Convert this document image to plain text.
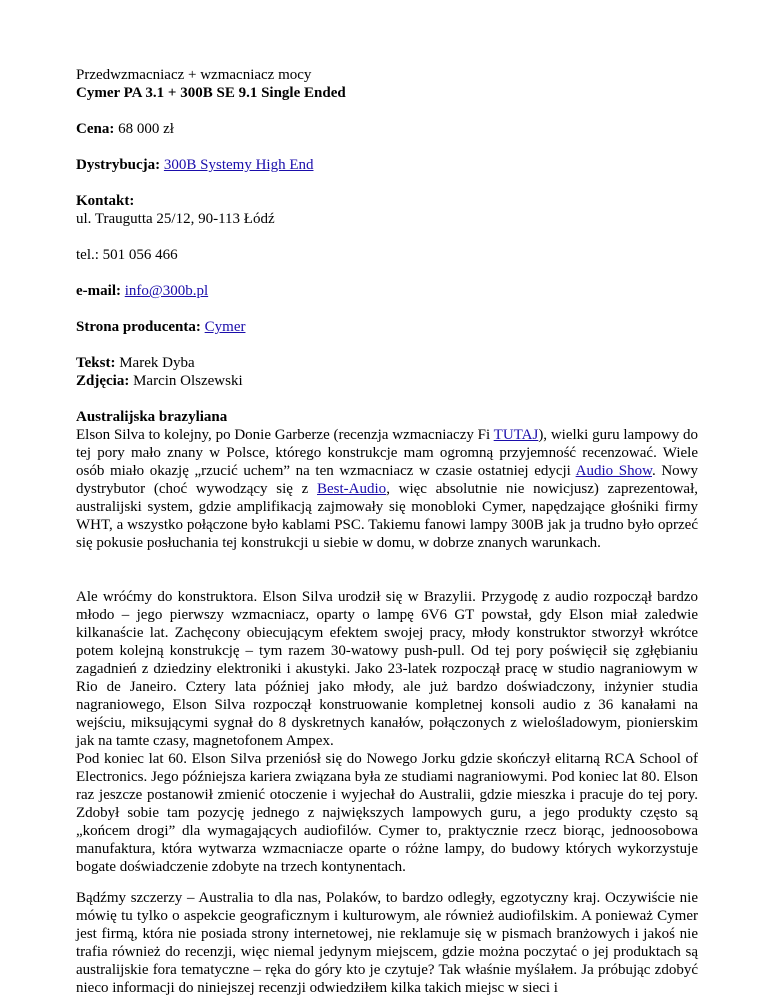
Przedwzmacniacz + wzmacniacz mocy

Cymer PA 3.1 + 300B SE 9.1 Single Ended

Cena: 68 000 zł

Dystrybucja: 300B Systemy High End

Kontakt:

ul. Traugutta 25/12, 90-113 Łódź

tel.: 501 056 466

e-mail: info@300b.pl

Strona producenta: Cymer

Tekst: Marek Dyba

Zdjęcia: Marcin Olszewski

Australijska brazyliana

Elson Silva to kolejny, po Donie Garberze (recenzja wzmacniaczy Fi TUTAJ), wielki guru lampowy do tej pory mało znany w Polsce, którego konstrukcje mam ogromną przyjemność recenzować. Wiele osób miało okazję „rzucić uchem” na ten wzmacniacz w czasie ostatniej edycji Audio Show. Nowy dystrybutor (choć wywodzący się z Best-Audio, więc absolutnie nie nowicjusz) zaprezentował, australijski system, gdzie amplifikacją zajmowały się monobloki Cymer, napędzające głośniki firmy WHT, a wszystko połączone było kablami PSC. Takiemu fanowi lampy 300B jak ja trudno było oprzeć się pokusie posłuchania tej konstrukcji u siebie w domu, w dobrze znanych warunkach.

Ale wróćmy do konstruktora. Elson Silva urodził się w Brazylii. Przygodę z audio rozpoczął bardzo młodo – jego pierwszy wzmacniacz, oparty o lampę 6V6 GT powstał, gdy Elson miał zaledwie kilkanaście lat. Zachęcony obiecującym efektem swojej pracy, młody konstruktor stworzył wkrótce potem kolejną konstrukcję – tym razem 30-watowy push-pull. Od tej pory poświęcił się zgłębianiu zagadnień z dziedziny elektroniki i akustyki. Jako 23-latek rozpoczął pracę w studio nagraniowym w Rio de Janeiro. Cztery lata później jako młody, ale już bardzo doświadczony, inżynier studia nagraniowego, Elson Silva rozpoczął konstruowanie kompletnej konsoli audio z 36 kanałami na wejściu, miksującymi sygnał do 8 dyskretnych kanałów, połączonych z wielośladowym, pionierskim jak na tamte czasy, magnetofonem Ampex.

Pod koniec lat 60. Elson Silva przeniósł się do Nowego Jorku gdzie skończył elitarną RCA School of Electronics. Jego późniejsza kariera związana była ze studiami nagraniowymi. Pod koniec lat 80. Elson raz jeszcze postanowił zmienić otoczenie i wyjechał do Australii, gdzie mieszka i pracuje do tej pory. Zdobył sobie tam pozycję jednego z największych lampowych guru, a jego produkty często są „końcem drogi” dla wymagających audiofilów. Cymer to, praktycznie rzecz biorąc, jednoosobowa manufaktura, która wytwarza wzmacniacze oparte o różne lampy, do budowy których wykorzystuje bogate doświadczenie zdobyte na trzech kontynentach.

Bądźmy szczerzy – Australia to dla nas, Polaków, to bardzo odległy, egzotyczny kraj. Oczywiście nie mówię tu tylko o aspekcie geograficznym i kulturowym, ale również audiofilskim. A ponieważ Cymer jest firmą, która nie posiada strony internetowej, nie reklamuje się w pismach branżowych i jakoś nie trafia również do recenzji, więc niemal jedynym miejscem, gdzie można poczytać o jej produktach są australijskie fora tematyczne – ręka do góry kto je czytuje? Tak właśnie myślałem. Ja próbując zdobyć nieco informacji do niniejszej recenzji odwiedziłem kilka takich miejsc w sieci i
